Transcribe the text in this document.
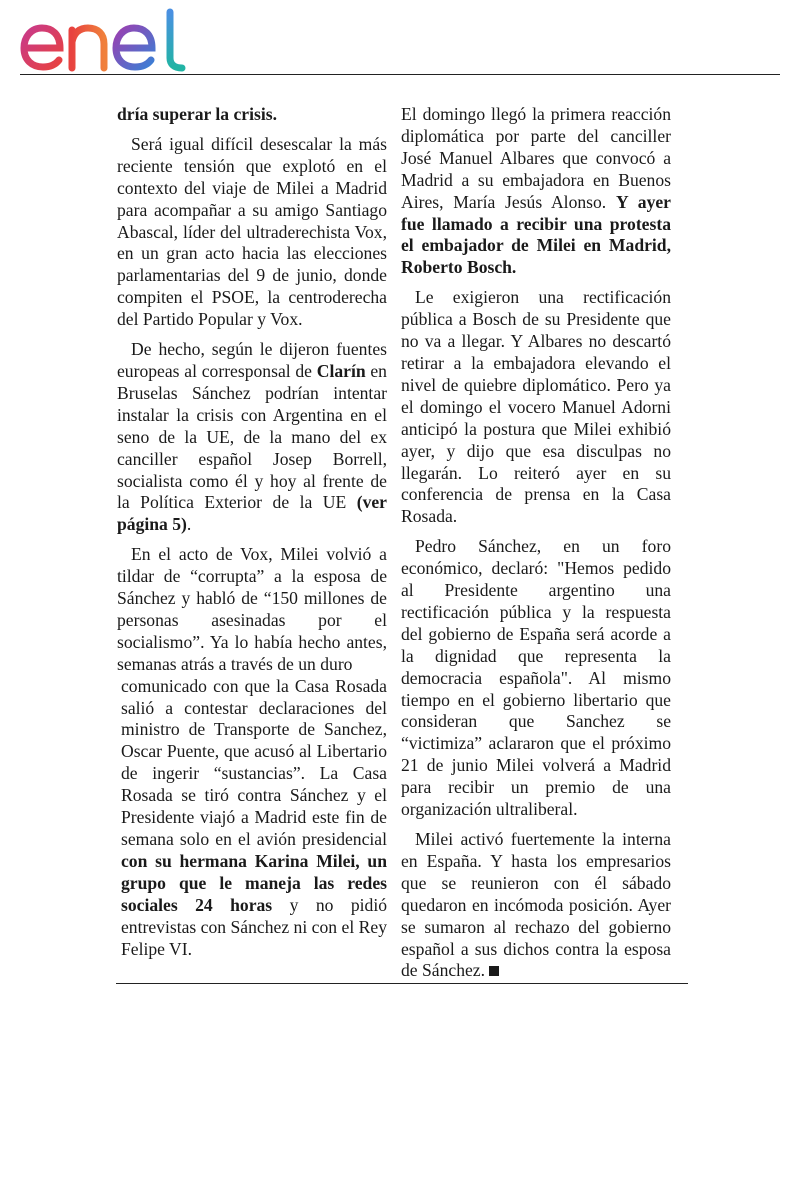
dría superar la crisis.

Será igual difícil desescalar la más reciente tensión que explotó en el contexto del viaje de Milei a Madrid para acompañar a su amigo Santiago Abascal, líder del ultraderechista Vox, en un gran acto hacia las elecciones parlamentarias del 9 de junio, donde compiten el PSOE, la centroderecha del Partido Popular y Vox.

De hecho, según le dijeron fuentes europeas al corresponsal de Clarín en Bruselas Sánchez podrían intentar instalar la crisis con Argentina en el seno de la UE, de la mano del ex canciller español Josep Borrell, socialista como él y hoy al frente de la Política Exterior de la UE (ver página 5).

En el acto de Vox, Milei volvió a tildar de “corrupta” a la esposa de Sánchez y habló de “150 millones de personas asesinadas por el socialismo”. Ya lo había hecho antes, semanas atrás a través de un duro

comunicado con que la Casa Rosada salió a contestar declaraciones del ministro de Transporte de Sanchez, Oscar Puente, que acusó al Libertario de ingerir “sustancias”. La Casa Rosada se tiró contra Sánchez y el Presidente viajó a Madrid este fin de semana solo en el avión presidencial con su hermana Karina Milei, un grupo que le maneja las redes sociales 24 horas y no pidió entrevistas con Sánchez ni con el Rey Felipe VI.

El domingo llegó la primera reacción diplomática por parte del canciller José Manuel Albares que convocó a Madrid a su embajadora en Buenos Aires, María Jesús Alonso. Y ayer fue llamado a recibir una protesta el embajador de Milei en Madrid, Roberto Bosch.

Le exigieron una rectificación pública a Bosch de su Presidente que no va a llegar. Y Albares no descartó retirar a la embajadora elevando el nivel de quiebre diplomático. Pero ya el domingo el vocero Manuel Adorni anticipó la postura que Milei exhibió ayer, y dijo que esa disculpas no llegarán. Lo reiteró ayer en su conferencia de prensa en la Casa Rosada.

Pedro Sánchez, en un foro económico, declaró: "Hemos pedido al Presidente argentino una rectificación pública y la respuesta del gobierno de España será acorde a la dignidad que representa la democracia española". Al mismo tiempo en el gobierno libertario que consideran que Sanchez se “victimiza” aclararon que el próximo 21 de junio Milei volverá a Madrid para recibir un premio de una organización ultraliberal.

Milei activó fuertemente la interna en España. Y hasta los empresarios que se reunieron con él sábado quedaron en incómoda posición. Ayer se sumaron al rechazo del gobierno español a sus dichos contra la esposa de Sánchez.
